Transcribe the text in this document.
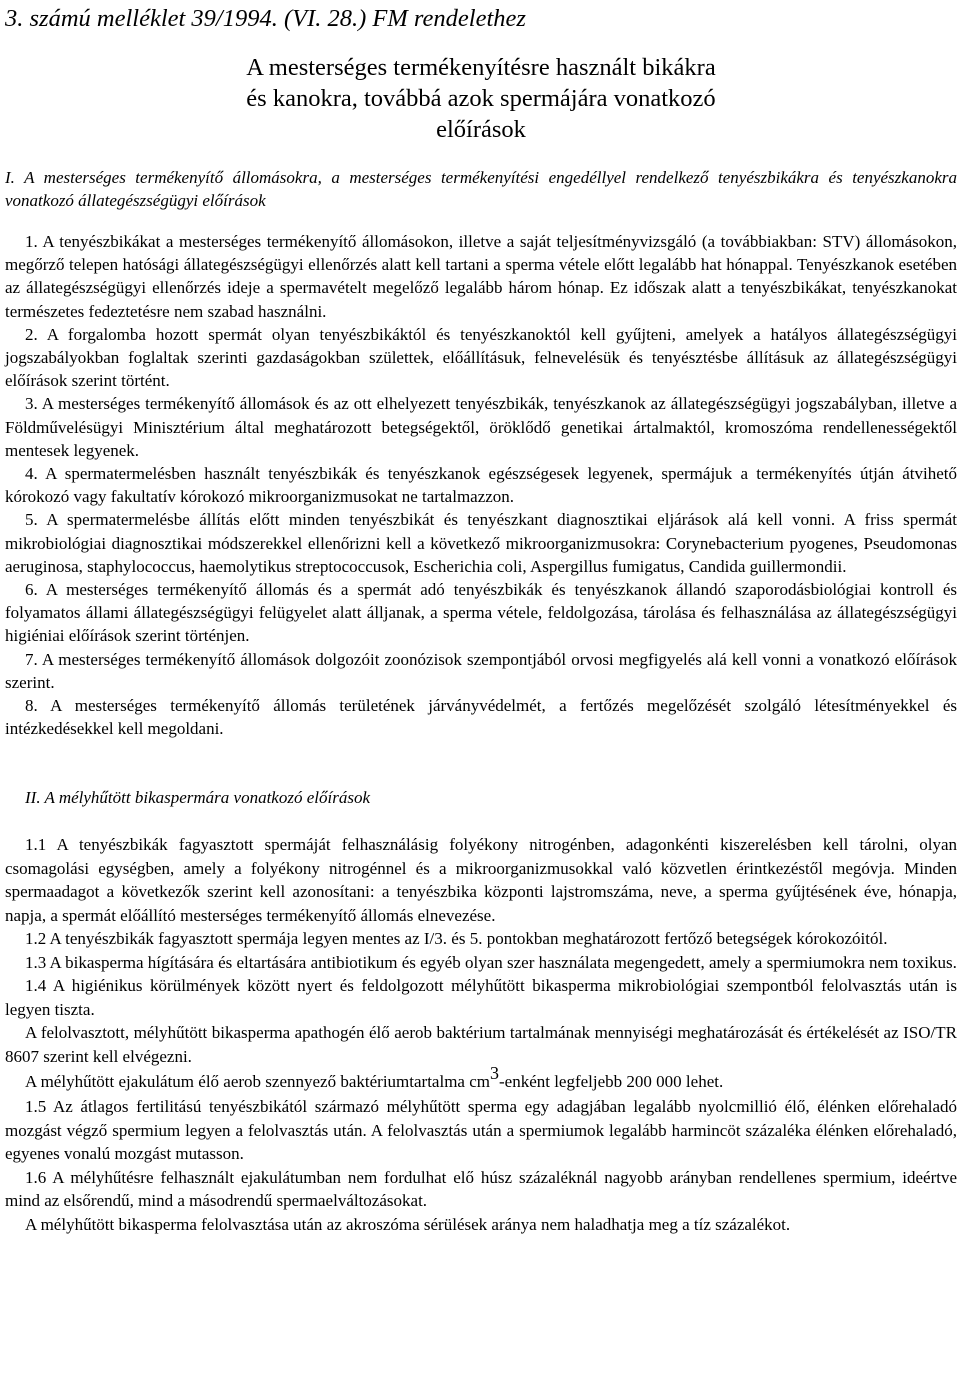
3. számú melléklet 39/1994. (VI. 28.) FM rendelethez
A mesterséges termékenyítésre használt bikákra
és kanokra, továbbá azok spermájára vonatkozó
előírások
I. A mesterséges termékenyítő állomásokra, a mesterséges termékenyítési engedéllyel rendelkező tenyészbikákra és tenyészkanokra vonatkozó állategészségügyi előírások

1. A tenyészbikákat a mesterséges termékenyítő állomásokon, illetve a saját teljesítményvizsgáló (a továbbiakban: STV) állomásokon, megőrző telepen hatósági állategészségügyi ellenőrzés alatt kell tartani a sperma vétele előtt legalább hat hónappal. Tenyészkanok esetében az állategészségügyi ellenőrzés ideje a spermavételt megelőző legalább három hónap. Ez időszak alatt a tenyészbikákat, tenyészkanokat természetes fedeztetésre nem szabad használni.

2. A forgalomba hozott spermát olyan tenyészbikáktól és tenyészkanoktól kell gyűjteni, amelyek a hatályos állategészségügyi jogszabályokban foglaltak szerinti gazdaságokban születtek, előállításuk, felnevelésük és tenyésztésbe állításuk az állategészségügyi előírások szerint történt.

3. A mesterséges termékenyítő állomások és az ott elhelyezett tenyészbikák, tenyészkanok az állategészségügyi jogszabályban, illetve a Földművelésügyi Minisztérium által meghatározott betegségektől, öröklődő genetikai ártalmaktól, kromoszóma rendellenességektől mentesek legyenek.

4. A spermatermelésben használt tenyészbikák és tenyészkanok egészségesek legyenek, spermájuk a termékenyítés útján átvihető kórokozó vagy fakultatív kórokozó mikroorganizmusokat ne tartalmazzon.

5. A spermatermelésbe állítás előtt minden tenyészbikát és tenyészkant diagnosztikai eljárások alá kell vonni. A friss spermát mikrobiológiai diagnosztikai módszerekkel ellenőrizni kell a következő mikroorganizmusokra: Corynebacterium pyogenes, Pseudomonas aeruginosa, staphylococcus, haemolytikus streptococcusok, Escherichia coli, Aspergillus fumigatus, Candida guillermondii.

6. A mesterséges termékenyítő állomás és a spermát adó tenyészbikák és tenyészkanok állandó szaporodásbiológiai kontroll és folyamatos állami állategészségügyi felügyelet alatt álljanak, a sperma vétele, feldolgozása, tárolása és felhasználása az állategészségügyi higiéniai előírások szerint történjen.

7. A mesterséges termékenyítő állomások dolgozóit zoonózisok szempontjából orvosi megfigyelés alá kell vonni a vonatkozó előírások szerint.

8. A mesterséges termékenyítő állomás területének járványvédelmét, a fertőzés megelőzését szolgáló létesítményekkel és intézkedésekkel kell megoldani.

II. A mélyhűtött bikaspermára vonatkozó előírások

1.1 A tenyészbikák fagyasztott spermáját felhasználásig folyékony nitrogénben, adagonkénti kiszerelésben kell tárolni, olyan csomagolási egységben, amely a folyékony nitrogénnel és a mikroorganizmusokkal való közvetlen érintkezéstől megóvja. Minden spermaadagot a következők szerint kell azonosítani: a tenyészbika központi lajstromszáma, neve, a sperma gyűjtésének éve, hónapja, napja, a spermát előállító mesterséges termékenyítő állomás elnevezése.

1.2 A tenyészbikák fagyasztott spermája legyen mentes az I/3. és 5. pontokban meghatározott fertőző betegségek kórokozóitól.

1.3 A bikasperma hígítására és eltartására antibiotikum és egyéb olyan szer használata megengedett, amely a spermiumokra nem toxikus.

1.4 A higiénikus körülmények között nyert és feldolgozott mélyhűtött bikasperma mikrobiológiai szempontból felolvasztás után is legyen tiszta.

A felolvasztott, mélyhűtött bikasperma apathogén élő aerob baktérium tartalmának mennyiségi meghatározását és értékelését az ISO/TR 8607 szerint kell elvégezni.

A mélyhűtött ejakulátum élő aerob szennyező baktériumtartalma $cm^3$-enként legfeljebb 200 000 lehet.

1.5 Az átlagos fertilitású tenyészbikától származó mélyhűtött sperma egy adagjában legalább nyolcmillió élő, élénken előrehaladó mozgást végző spermium legyen a felolvasztás után. A felolvasztás után a spermiumok legalább harmincöt százaléka élénken előrehaladó, egyenes vonalú mozgást mutasson.

1.6 A mélyhűtésre felhasznált ejakulátumban nem fordulhat elő húsz százaléknál nagyobb arányban rendellenes spermium, ideértve mind az elsőrendű, mind a másodrendű spermaelváltozásokat.

A mélyhűtött bikasperma felolvasztása után az akroszóma sérülések aránya nem haladhatja meg a tíz százalékot.
